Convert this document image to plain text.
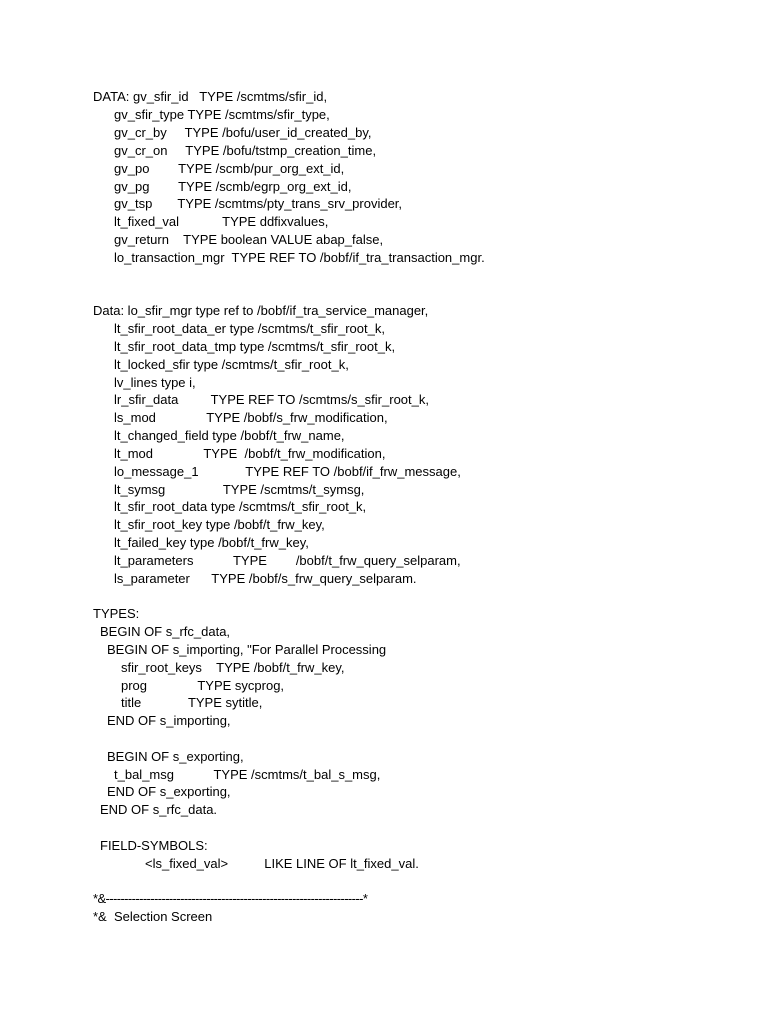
DATA: gv_sfir_id   TYPE /scmtms/sfir_id,
gv_sfir_type TYPE /scmtms/sfir_type,
gv_cr_by     TYPE /bofu/user_id_created_by,
gv_cr_on     TYPE /bofu/tstmp_creation_time,
gv_po        TYPE /scmb/pur_org_ext_id,
gv_pg        TYPE /scmb/egrp_org_ext_id,
gv_tsp       TYPE /scmtms/pty_trans_srv_provider,
lt_fixed_val            TYPE ddfixvalues,
gv_return    TYPE boolean VALUE abap_false,
lo_transaction_mgr  TYPE REF TO /bobf/if_tra_transaction_mgr.
Data: lo_sfir_mgr type ref to /bobf/if_tra_service_manager,
lt_sfir_root_data_er type /scmtms/t_sfir_root_k,
lt_sfir_root_data_tmp type /scmtms/t_sfir_root_k,
lt_locked_sfir type /scmtms/t_sfir_root_k,
lv_lines type i,
lr_sfir_data         TYPE REF TO /scmtms/s_sfir_root_k,
ls_mod              TYPE /bobf/s_frw_modification,
lt_changed_field type /bobf/t_frw_name,
lt_mod              TYPE  /bobf/t_frw_modification,
lo_message_1             TYPE REF TO /bobf/if_frw_message,
lt_symsg                TYPE /scmtms/t_symsg,
lt_sfir_root_data type /scmtms/t_sfir_root_k,
lt_sfir_root_key type /bobf/t_frw_key,
lt_failed_key type /bobf/t_frw_key,
lt_parameters           TYPE        /bobf/t_frw_query_selparam,
ls_parameter      TYPE /bobf/s_frw_query_selparam.
TYPES:
BEGIN OF s_rfc_data,
BEGIN OF s_importing, "For Parallel Processing
sfir_root_keys    TYPE /bobf/t_frw_key,
prog              TYPE sycprog,
title             TYPE sytitle,
END OF s_importing,
BEGIN OF s_exporting,
t_bal_msg           TYPE /scmtms/t_bal_s_msg,
END OF s_exporting,
END OF s_rfc_data.
FIELD-SYMBOLS:
<ls_fixed_val>          LIKE LINE OF lt_fixed_val.
*&---------------------------------------------------------------------*
*&  Selection Screen
